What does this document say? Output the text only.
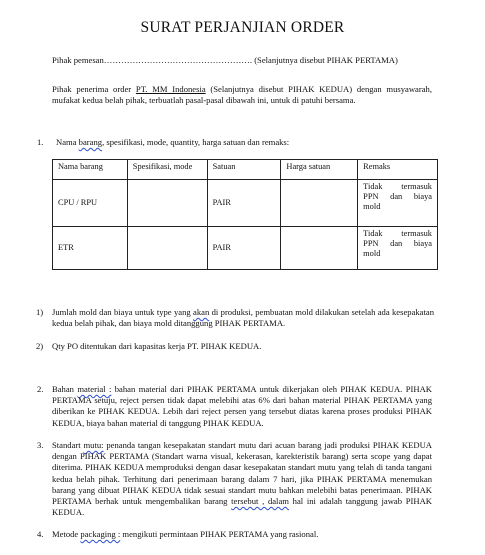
SURAT PERJANJIAN ORDER
Pihak pemesan……………………………………………. (Selanjutnya disebut PIHAK PERTAMA)
Pihak penerima order PT. MM Indonesia (Selanjutnya disebut PIHAK KEDUA) dengan musyawarah, mufakat kedua belah pihak, terbuatlah pasal-pasal dibawah ini, untuk di patuhi bersama.
1. Nama barang, spesifikasi, mode, quantity, harga satuan dan remaks:
Nama barang	Spesifikasi, mode	Satuan	Harga satuan	Remaks
CPU / RPU		PAIR		Tidak termasuk PPN dan biaya mold
ETR		PAIR		Tidak termasuk PPN dan biaya mold
1) Jumlah mold dan biaya untuk type yang akan di produksi, pembuatan mold dilakukan setelah ada kesepakatan kedua belah pihak, dan biaya mold ditanggung PIHAK PERTAMA.
2) Qty PO ditentukan dari kapasitas kerja PT. PIHAK KEDUA.
2. Bahan material : bahan material dari PIHAK PERTAMA untuk dikerjakan oleh PIHAK KEDUA. PIHAK PERTAMA setuju, reject persen tidak dapat melebihi atas 6% dari bahan material PIHAK PERTAMA yang diberikan ke PIHAK KEDUA. Lebih dari reject persen yang tersebut diatas karena proses produksi PIHAK KEDUA, biaya bahan material di tanggung PIHAK KEDUA.
3. Standart mutu: penanda tangan kesepakatan standart mutu dari acuan barang jadi produksi PIHAK KEDUA dengan PIHAK PERTAMA (Standart warna visual, kekerasan, karekteristik barang) serta scope yang dapat diterima. PIHAK KEDUA memproduksi dengan dasar kesepakatan standart mutu yang telah di tanda tangani kedua belah pihak. Terhitung dari penerimaan barang dalam 7 hari, jika PIHAK PERTAMA menemukan barang yang dibuat PIHAK KEDUA tidak sesuai standart mutu bahkan melebihi batas penerimaan. PIHAK PERTAMA berhak untuk mengembalikan barang tersebut , dalam hal ini adalah tanggung jawab PIHAK KEDUA.
4. Metode packaging : mengikuti permintaan PIHAK PERTAMA yang rasional.
